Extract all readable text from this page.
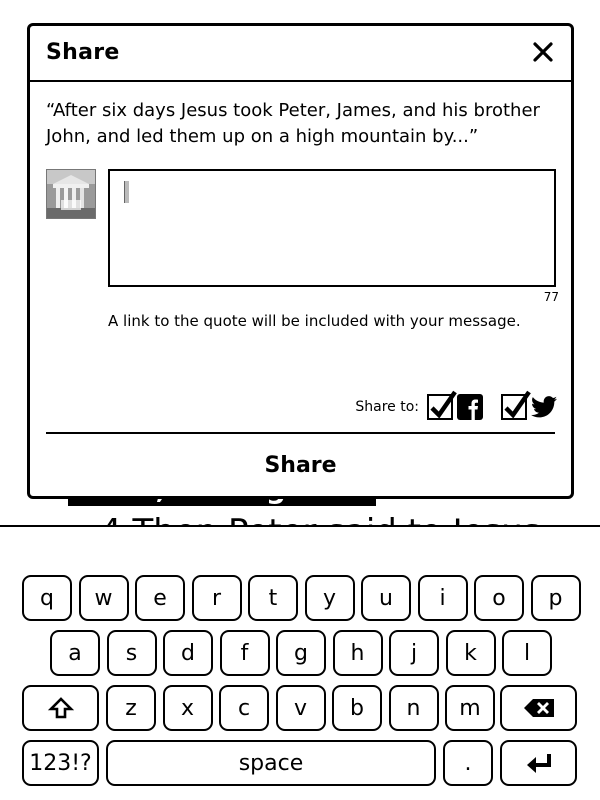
Share
“After six days Jesus took Peter, James, and his brother John, and led them up on a high mountain by...”
77
A link to the quote will be included with your message.
Share to:
Share
q	w	e	r	t	y	u	i	o	p
a	s	d	f	g	h	j	k	l
z	x	c	v	b	n	m
123!?	space	.
